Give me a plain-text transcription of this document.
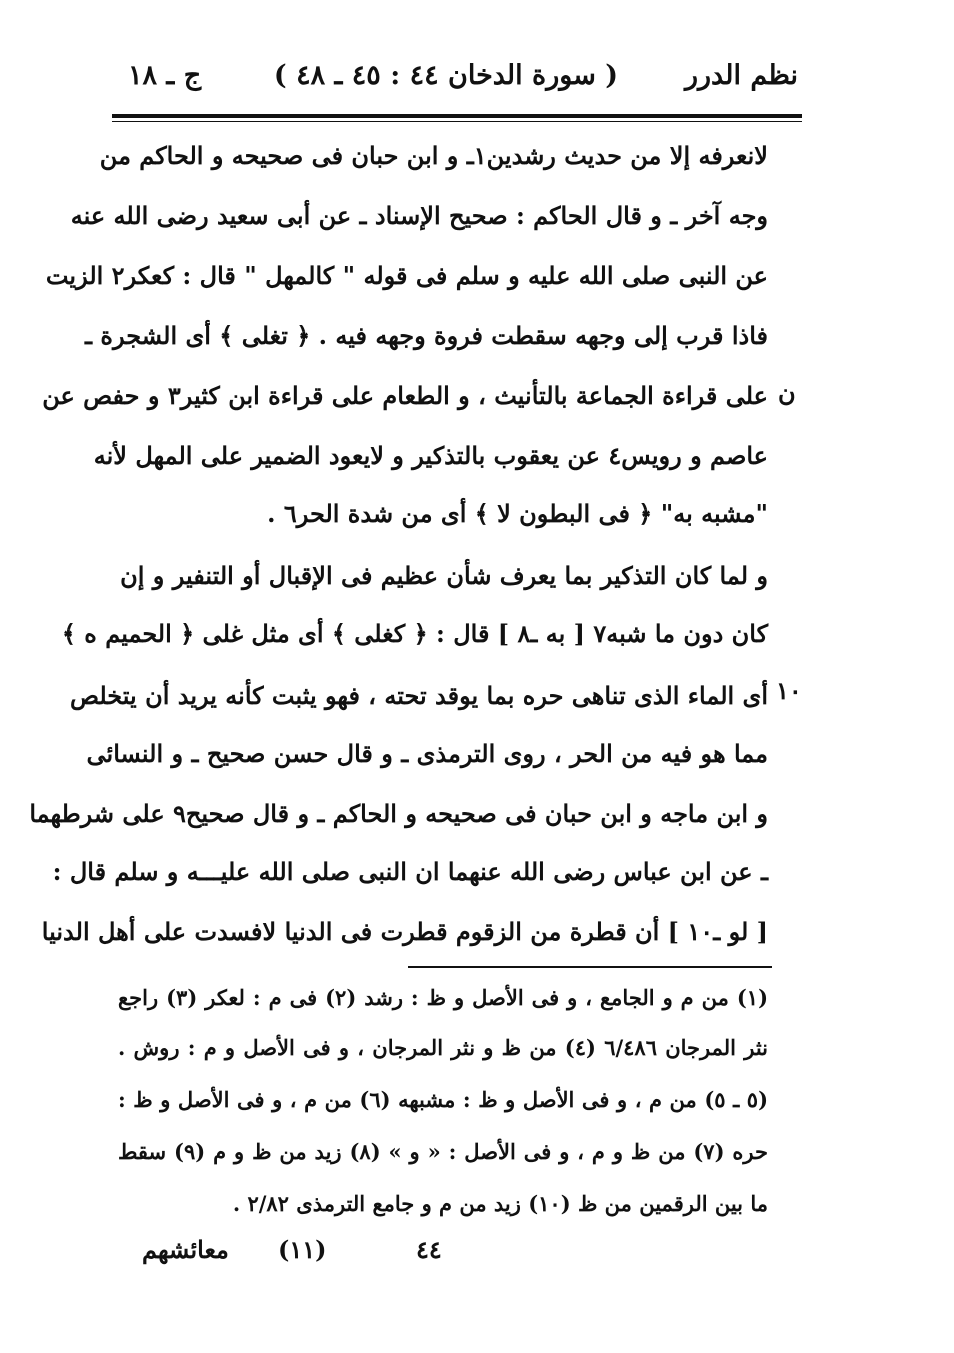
نظم الدرر
( سورة الدخان ٤٤ : ٤٥ ـ ٤٨ )
ج ـ ١٨
ن
١٠
لانعرفه إلا من حديث رشدين١ـ و ابن حبان فى صحيحه و الحاكم من
وجه آخر ـ و قال الحاكم : صحيح الإسناد ـ عن أبى سعيد رضى الله عنه
عن النبى صلى الله عليه و سلم فى قوله " كالمهل " قال : كعكر٢ الزيت
فاذا قرب إلى وجهه سقطت فروة وجهه فيه . ﴿ تغلى ﴾ أى الشجرة ـ
على قراءة الجماعة بالتأنيث ، و الطعام على قراءة ابن كثير٣ و حفص عن
عاصم و رويس٤ عن يعقوب بالتذكير و لايعود الضمير على المهل لأنه
"مشبه به" ﴿ فى البطون لا ﴾ أى من شدة الحر٦ .
و لما كان التذكير بما يعرف شأن عظيم فى الإقبال أو التنفير و إن
كان دون ما شبه٧ [ به ـ٨ ] قال : ﴿ كغلى ﴾ أى مثل غلى ﴿ الحميم ه ﴾
أى الماء الذى تناهى حره بما يوقد تحته ، فهو يثبت كأنه يريد أن يتخلص
مما هو فيه من الحر ، روى الترمذى ـ و قال حسن صحيح ـ و النسائى
و ابن ماجه و ابن حبان فى صحيحه و الحاكم ـ و قال صحيح٩ على شرطهما
ـ عن ابن عباس رضى الله عنهما ان النبى صلى الله عليـــه و سلم قال :
[ لو ـ١٠ ] أن قطرة من الزقوم قطرت فى الدنيا لافسدت على أهل الدنيا
(١) من م و الجامع ، و فى الأصل و ظ : رشد (٢) فى م : لعكر (٣) راجع
نثر المرجان ٦/٤٨٦ (٤) من ظ و نثر المرجان ، و فى الأصل و م : روش .
(٥ ـ ٥) من م ، و فى الأصل و ظ : مشبهه (٦) من م ، و فى الأصل و ظ :
حره (٧) من ظ و م ، و فى الأصل : « و » (٨) زيد من ظ و م (٩) سقط
ما بين الرقمين من ظ (١٠) زيد من م و جامع الترمذى ٢/٨٢ .
معائشهم (١١)	٤٤
